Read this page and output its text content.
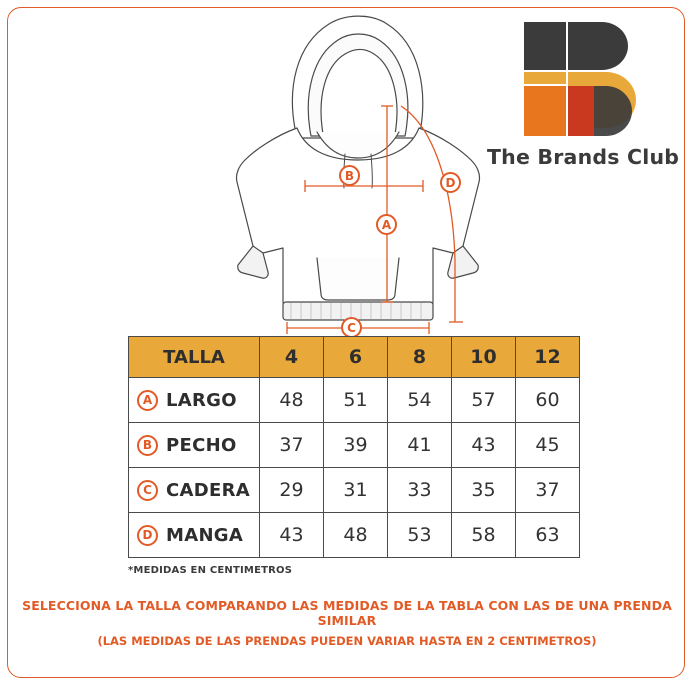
The Brands Club
B	D
A
C
TALLA	4	6	8	10	12

A LARGO	48	51	54	57	60

B PECHO	37	39	41	43	45

C CADERA	29	31	33	35	37

D MANGA	43	48	53	58	63
*MEDIDAS EN CENTIMETROS
SELECCIONA LA TALLA COMPARANDO LAS MEDIDAS DE LA TABLA CON LAS DE UNA PRENDA SIMILAR
(LAS MEDIDAS DE LAS PRENDAS PUEDEN VARIAR HASTA EN 2 CENTIMETROS)
